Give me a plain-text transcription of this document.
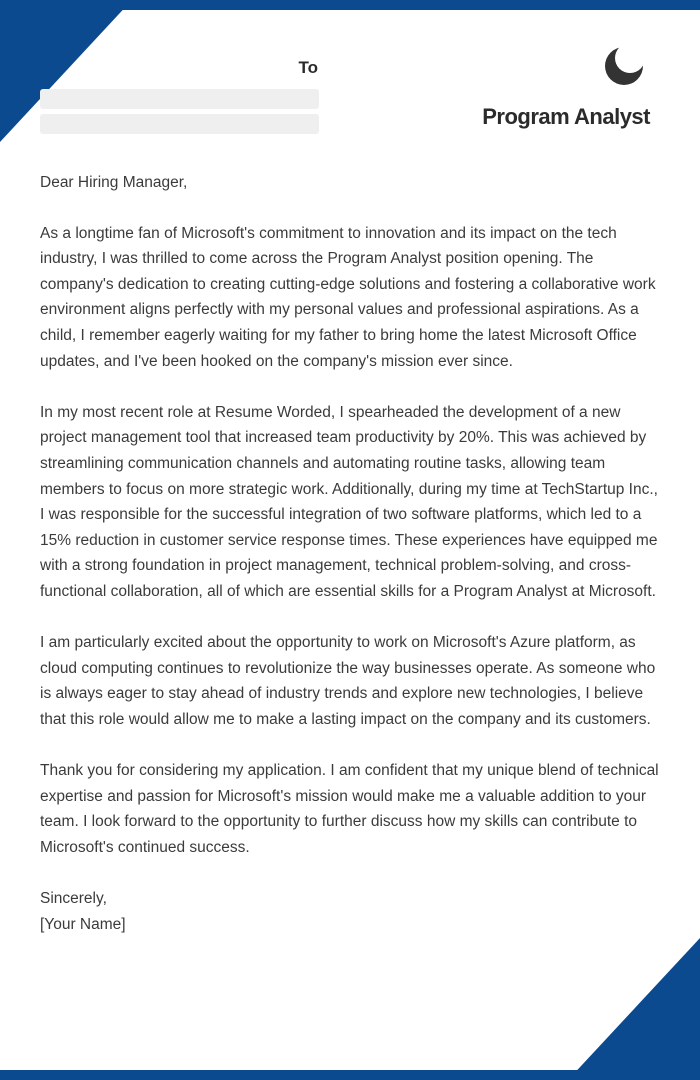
To
Program Analyst

Dear Hiring Manager,

As a longtime fan of Microsoft's commitment to innovation and its impact on the tech industry, I was thrilled to come across the Program Analyst position opening. The company's dedication to creating cutting-edge solutions and fostering a collaborative work environment aligns perfectly with my personal values and professional aspirations. As a child, I remember eagerly waiting for my father to bring home the latest Microsoft Office updates, and I've been hooked on the company's mission ever since.

In my most recent role at Resume Worded, I spearheaded the development of a new project management tool that increased team productivity by 20%. This was achieved by streamlining communication channels and automating routine tasks, allowing team members to focus on more strategic work. Additionally, during my time at TechStartup Inc., I was responsible for the successful integration of two software platforms, which led to a 15% reduction in customer service response times. These experiences have equipped me with a strong foundation in project management, technical problem-solving, and cross-functional collaboration, all of which are essential skills for a Program Analyst at Microsoft.

I am particularly excited about the opportunity to work on Microsoft's Azure platform, as cloud computing continues to revolutionize the way businesses operate. As someone who is always eager to stay ahead of industry trends and explore new technologies, I believe that this role would allow me to make a lasting impact on the company and its customers.

Thank you for considering my application. I am confident that my unique blend of technical expertise and passion for Microsoft's mission would make me a valuable addition to your team. I look forward to the opportunity to further discuss how my skills can contribute to Microsoft's continued success.

Sincerely,
[Your Name]
